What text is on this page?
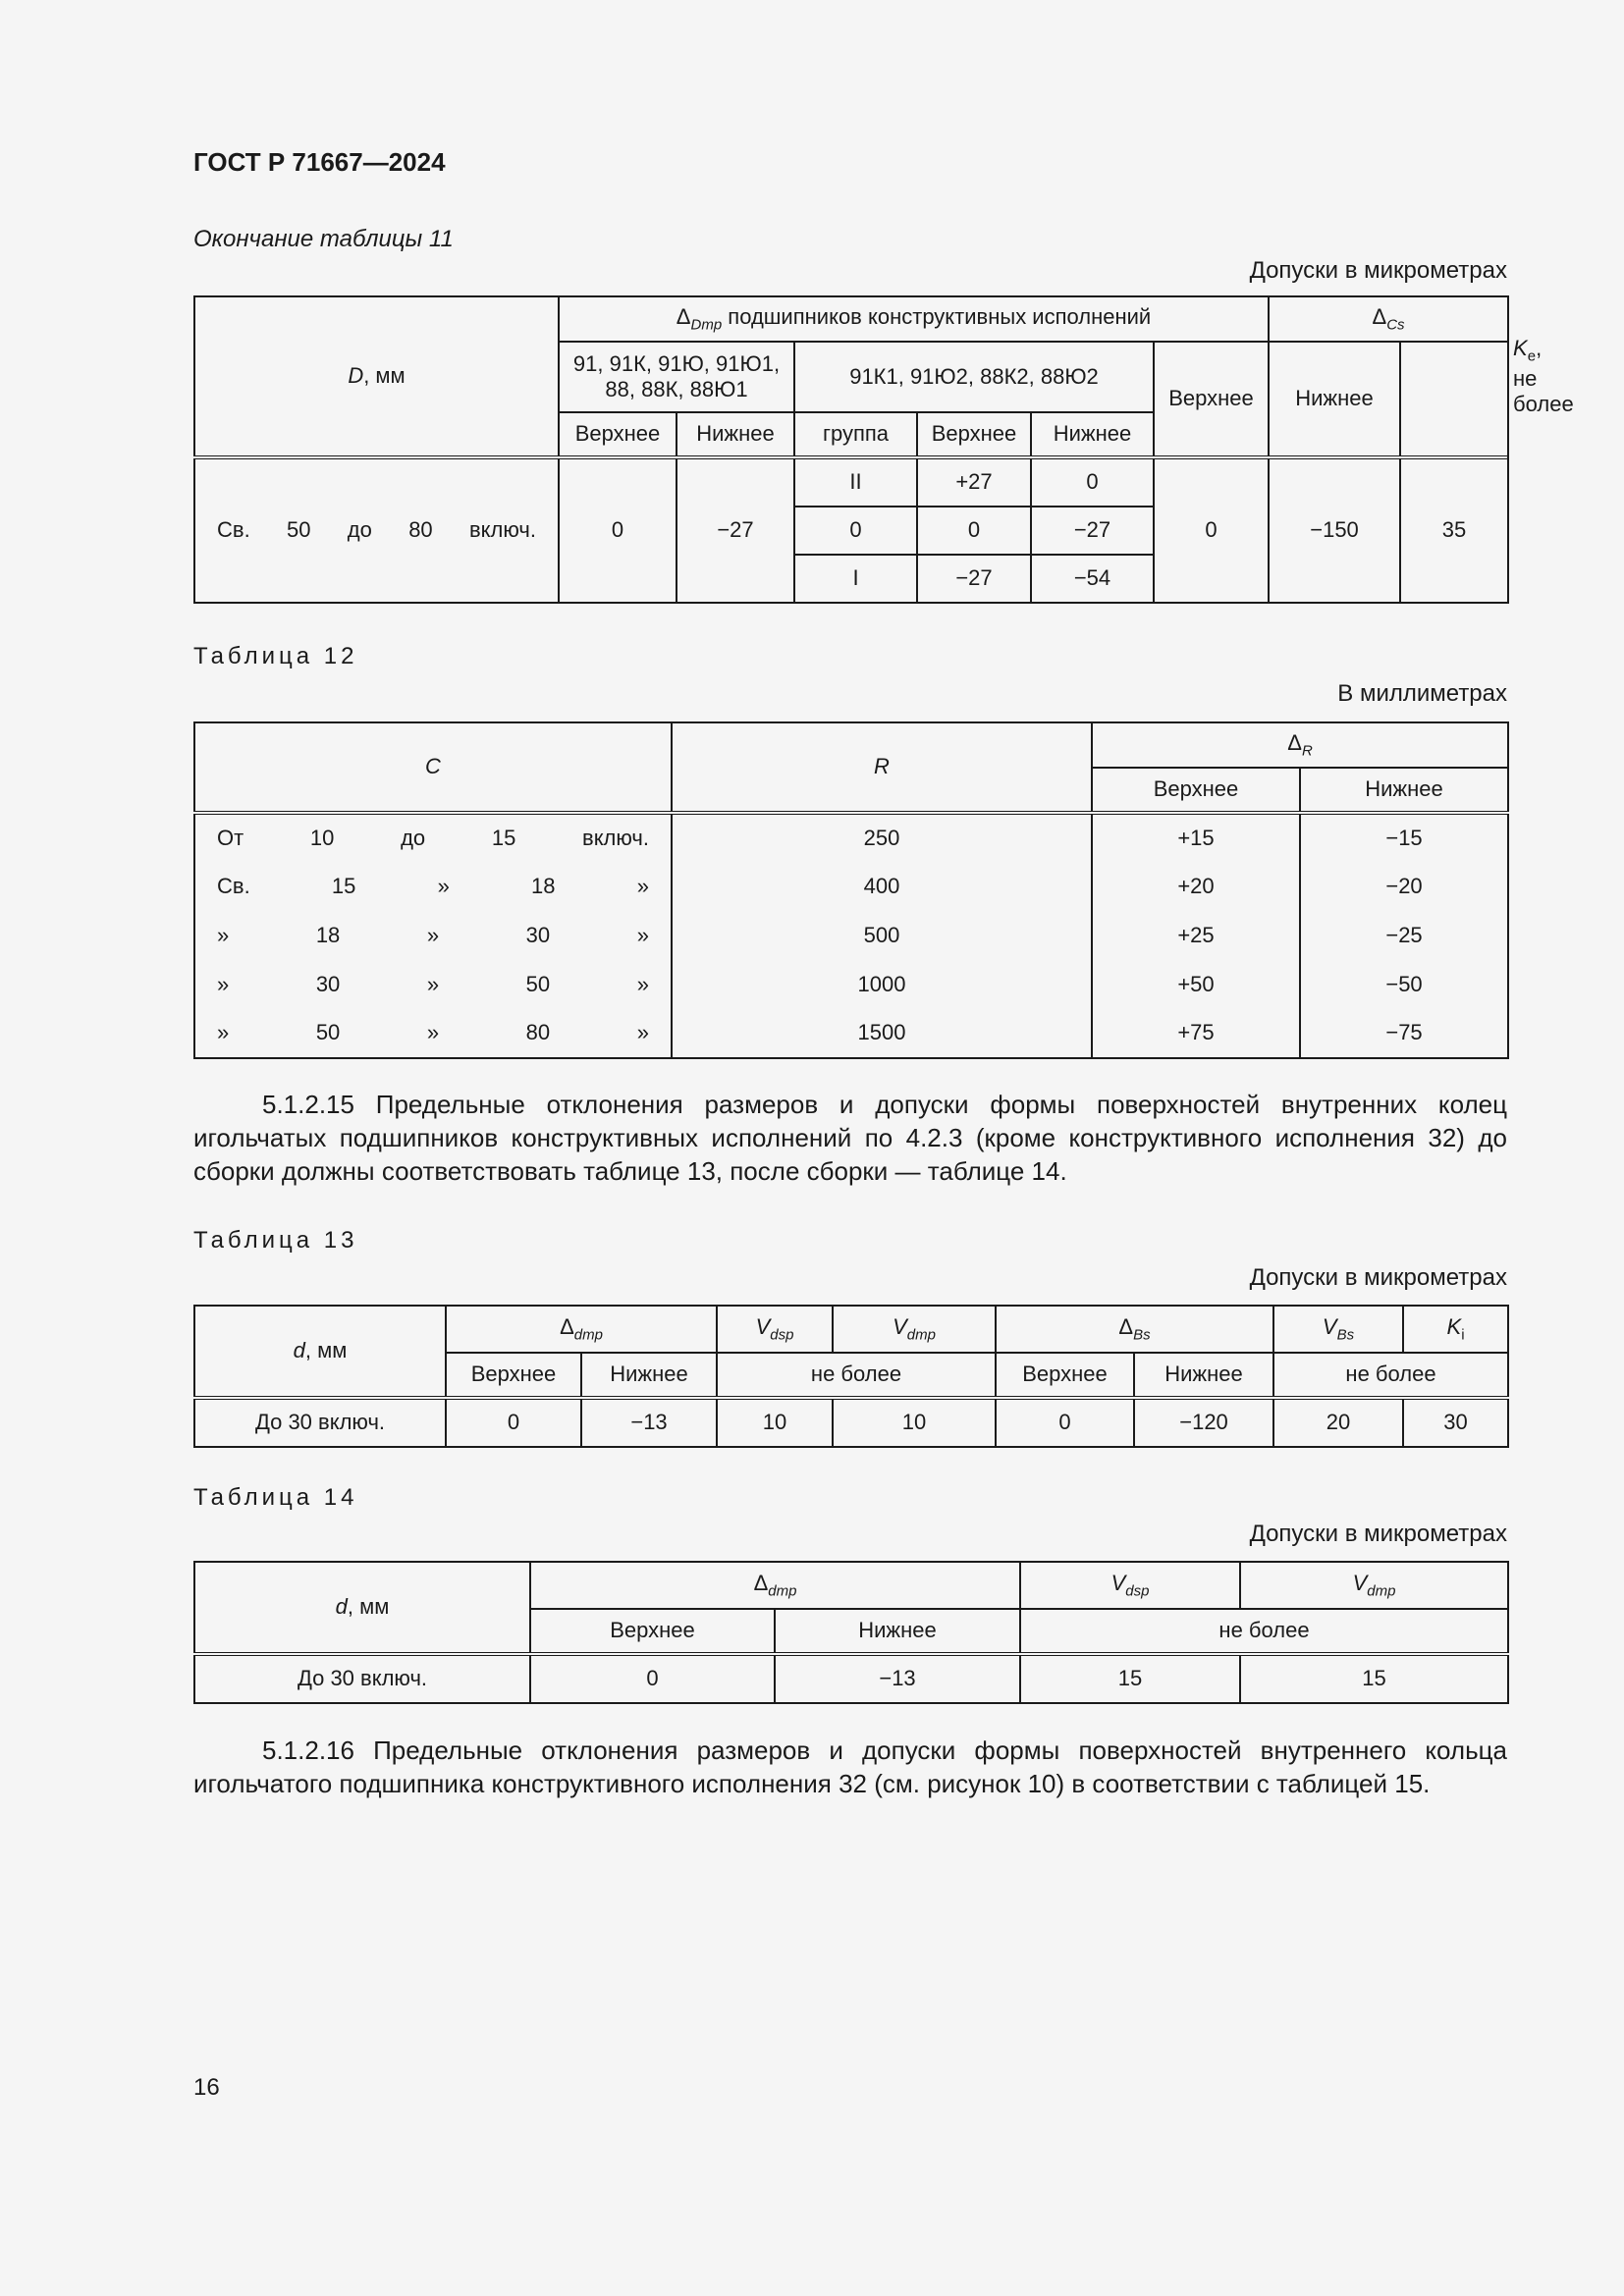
ГОСТ Р 71667—2024
Окончание таблицы 11
Допуски в микрометрах
D, мм	$\Delta_{Dmp}$ подшипников конструктивных исполнений						$\Delta_{Cs}$		$K_e$,
не более
	91, 91К, 91Ю, 91Ю1, 88, 88К, 88Ю1		91К1, 91Ю2, 88К2, 88Ю2			Верхнее	Нижнее		
	Верхнее	Нижнее	группа	Верхнее	Нижнее				

Св. 50 до 80 включ.	0	−27	II	+27	0	0	−150	35	
			0	0	−27				
			I	−27	−54				
Таблица 12
В миллиметрах
C	R	$\Delta_R$
		Верхнее	Нижнее

От 10 до 15 включ.	250	+15	−15

Св. 15 » 18 »	400	+20	−20

» 18 » 30 »	500	+25	−25

» 30 » 50 »	1000	+50	−50

» 50 » 80 »	1500	+75	−75
5.1.2.15 Предельные отклонения размеров и допуски формы поверхностей внутренних колец игольчатых подшипников конструктивных исполнений по 4.2.3 (кроме конструктивного исполнения 32) до сборки должны соответствовать таблице 13, после сборки — таблице 14.
Таблица 13
Допуски в микрометрах
d, мм	$\Delta_{dmp}$		$V_{dsp}$	$V_{dmp}$	$\Delta_{Bs}$		$V_{Bs}$	$K_i$
	Верхнее	Нижнее	не более		Верхнее	Нижнее	не более	
До 30 включ.	0	−13	10	10	0	−120	20	30
Таблица 14
Допуски в микрометрах
d, мм	$\Delta_{dmp}$		$V_{dsp}$	$V_{dmp}$
	Верхнее	Нижнее	не более	
До 30 включ.	0	−13	15	15
5.1.2.16 Предельные отклонения размеров и допуски формы поверхностей внутреннего кольца игольчатого подшипника конструктивного исполнения 32 (см. рисунок 10) в соответствии с таблицей 15.
16
